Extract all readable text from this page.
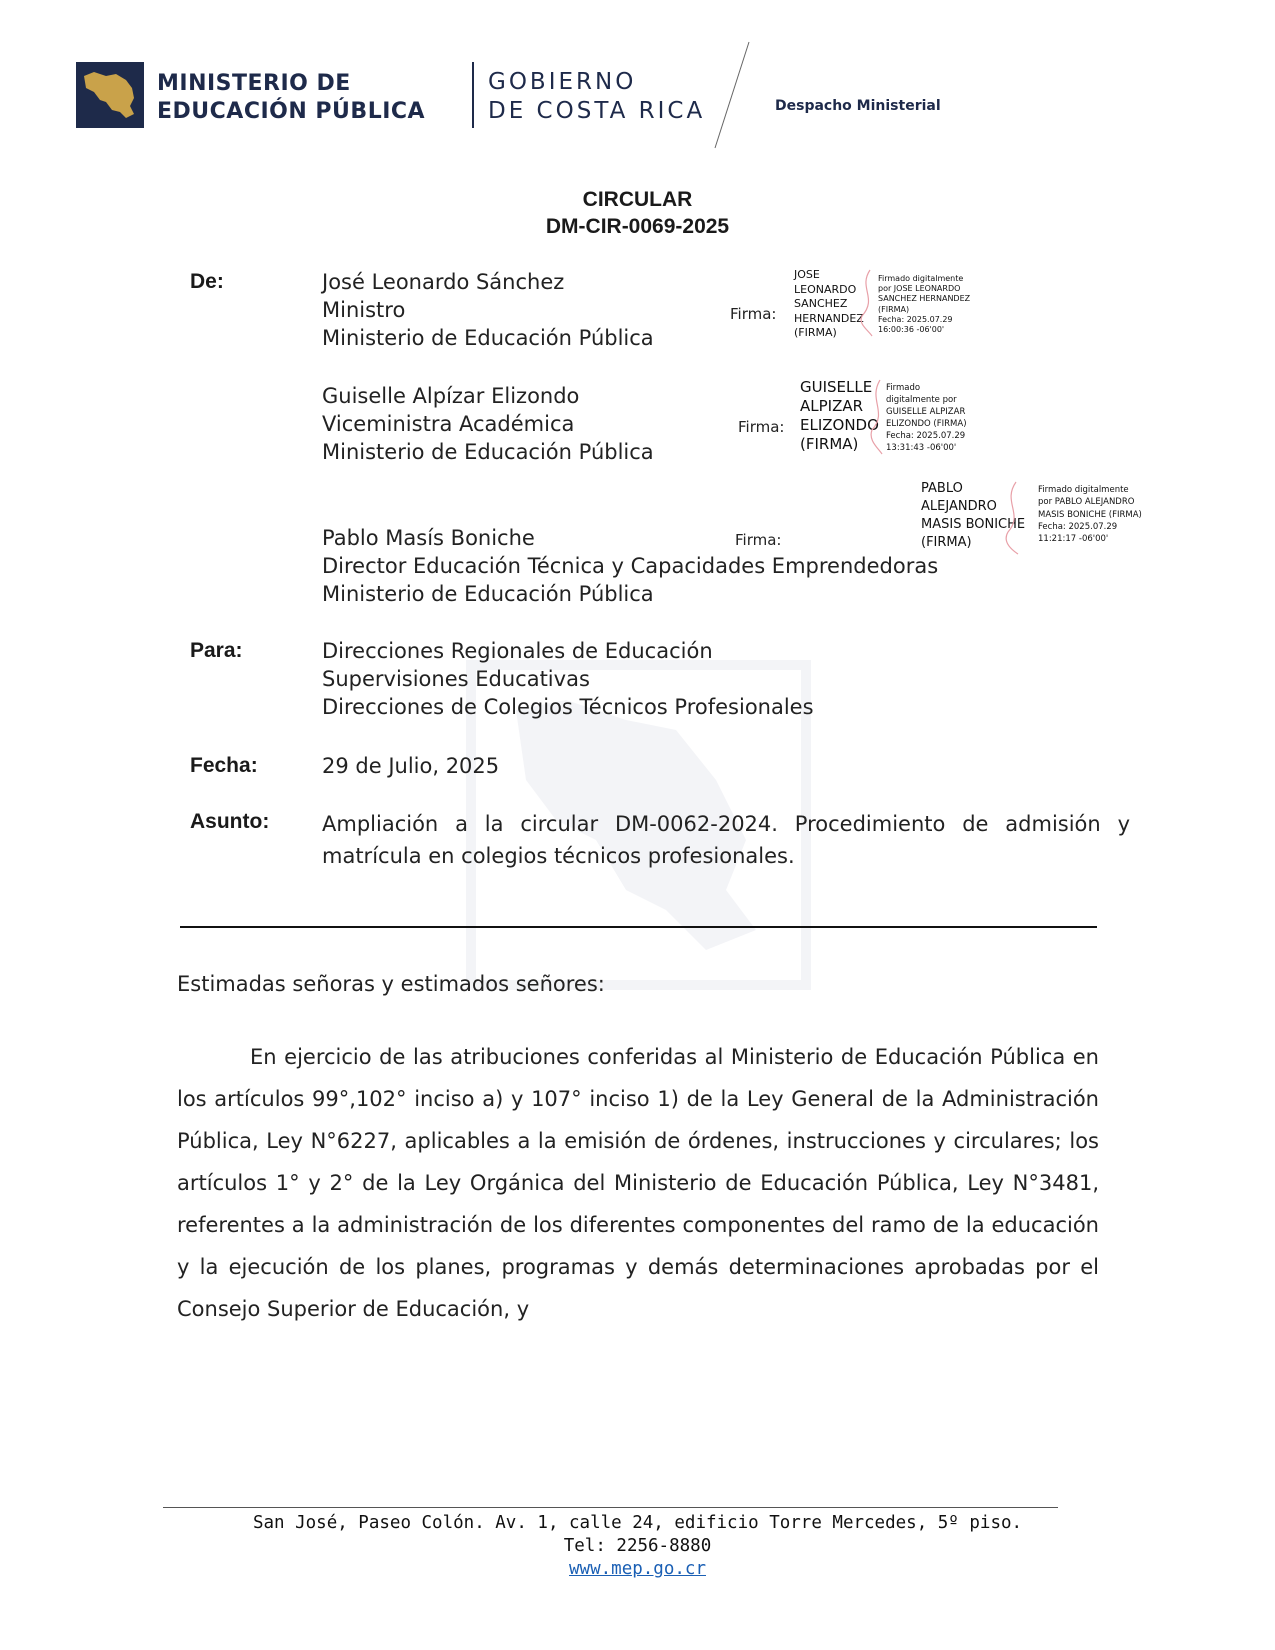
MINISTERIO DE
EDUCACIÓN PÚBLICA
GOBIERNO
DE COSTA RICA	Despacho Ministerial
CIRCULAR
DM-CIR-0069-2025
De:	José Leonardo Sánchez
Ministro
Ministerio de Educación Pública
Firma:
JOSE
LEONARDO
SANCHEZ
HERNANDEZ
(FIRMA)
Firmado digitalmente
por JOSE LEONARDO
SANCHEZ HERNANDEZ
(FIRMA)
Fecha: 2025.07.29
16:00:36 -06'00'
Guiselle Alpízar Elizondo
Viceministra Académica
Ministerio de Educación Pública
Firma:
GUISELLE
ALPIZAR
ELIZONDO
(FIRMA)
Firmado
digitalmente por
GUISELLE ALPIZAR
ELIZONDO (FIRMA)
Fecha: 2025.07.29
13:31:43 -06'00'
Firma:
PABLO
ALEJANDRO
MASIS BONICHE
(FIRMA)
Firmado digitalmente
por PABLO ALEJANDRO
MASIS BONICHE (FIRMA)
Fecha: 2025.07.29
11:21:17 -06'00'
Pablo Masís Boniche
Director Educación Técnica y Capacidades Emprendedoras
Ministerio de Educación Pública
Para:	Direcciones Regionales de Educación
Supervisiones Educativas
Direcciones de Colegios Técnicos Profesionales
Fecha:	29 de Julio, 2025
Asunto:	Ampliación a la circular DM-0062-2024. Procedimiento de admisión y
matrícula en colegios técnicos profesionales.
Estimadas señoras y estimados señores:
En ejercicio de las atribuciones conferidas al Ministerio de Educación Pública en los artículos 99°,102° inciso a) y 107° inciso 1) de la Ley General de la Administración Pública, Ley N°6227, aplicables a la emisión de órdenes, instrucciones y circulares; los artículos 1° y 2° de la Ley Orgánica del Ministerio de Educación Pública, Ley N°3481, referentes a la administración de los diferentes componentes del ramo de la educación y la ejecución de los planes, programas y demás determinaciones aprobadas por el Consejo Superior de Educación, y
San José, Paseo Colón. Av. 1, calle 24, edificio Torre Mercedes, 5º piso.
Tel: 2256-8880
www.mep.go.cr
